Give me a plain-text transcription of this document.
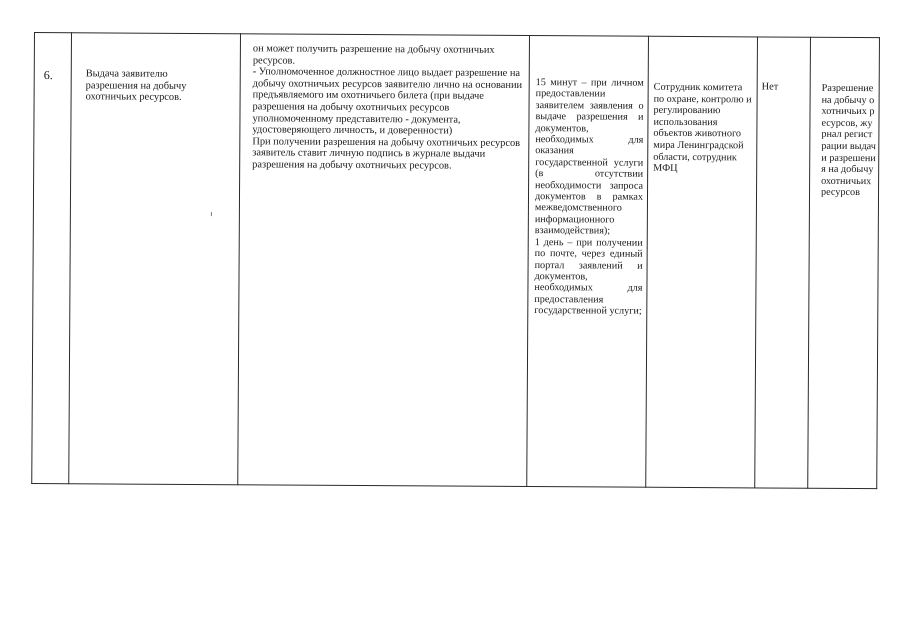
6.	Выдача заявителю разрешения на добычу охотничьих ресурсов.

он может получить разрешение на добычу охотничьих ресурсов.

- Уполномоченное должностное лицо выдает разрешение на добычу охотничьих ресурсов заявителю лично на основании предъявляемого им охотничьего билета (при выдаче разрешения на добычу охотничьих ресурсов уполномоченному представителю - документа, удостоверяющего личность, и доверенности)

При получении разрешения на добычу охотничьих ресурсов заявитель ставит личную подпись в журнале выдачи разрешения на добычу охотничьих ресурсов.

15 минут – при личном предоставлении заявителем заявления о выдаче разрешения и документов, необходимых для оказания государственной услуги (в отсутствии необходимости запроса документов в рамках межведомственного информационного взаимодействия);

1 день – при получении по почте, через единый портал заявлений и документов, необходимых для предоставления государственной услуги;

Сотрудник комитета по охране, контролю и регулированию использования объектов животного мира Ленинградской области, сотрудник МФЦ
Нет	Разрешение на добычу охотничьих ресурсов, журнал регистрации выдачи разрешения на добычу охотничьих ресурсов
